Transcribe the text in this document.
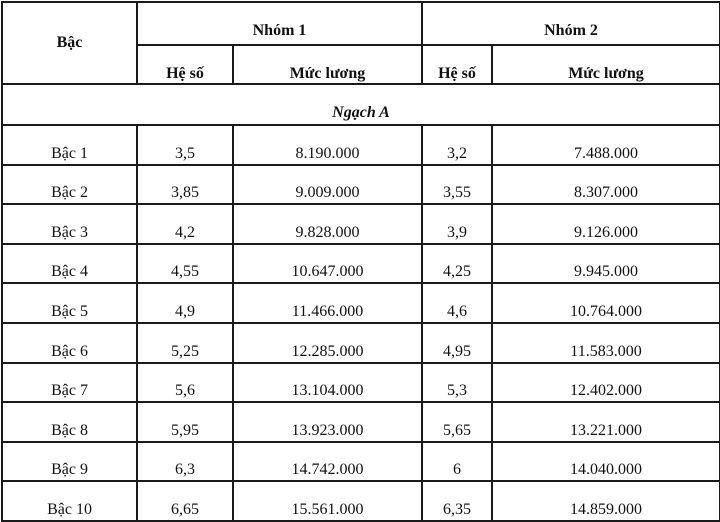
Bậc	Nhóm 1		Nhóm 2	
	Hệ số	Mức lương	Hệ số	Mức lương
Ngạch A				
Bậc 1	3,5	8.190.000	3,2	7.488.000
Bậc 2	3,85	9.009.000	3,55	8.307.000
Bậc 3	4,2	9.828.000	3,9	9.126.000
Bậc 4	4,55	10.647.000	4,25	9.945.000
Bậc 5	4,9	11.466.000	4,6	10.764.000
Bậc 6	5,25	12.285.000	4,95	11.583.000
Bậc 7	5,6	13.104.000	5,3	12.402.000
Bậc 8	5,95	13.923.000	5,65	13.221.000
Bậc 9	6,3	14.742.000	6	14.040.000
Bậc 10	6,65	15.561.000	6,35	14.859.000
